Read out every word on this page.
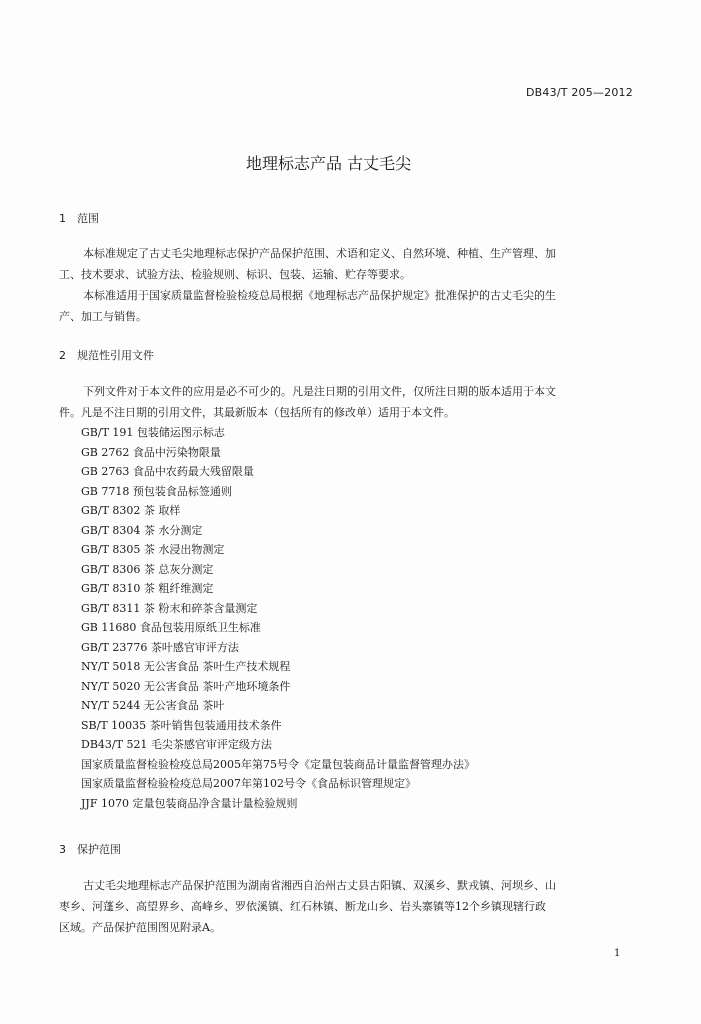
DB43/T 205—2012
地理标志产品 古丈毛尖
1 范围
本标准规定了古丈毛尖地理标志保护产品保护范围、术语和定义、自然环境、种植、生产管理、加
工、技术要求、试验方法、检验规则、标识、包装、运输、贮存等要求。
本标准适用于国家质量监督检验检疫总局根据《地理标志产品保护规定》批准保护的古丈毛尖的生
产、加工与销售。
2 规范性引用文件
下列文件对于本文件的应用是必不可少的。凡是注日期的引用文件，仅所注日期的版本适用于本文
件。凡是不注日期的引用文件，其最新版本（包括所有的修改单）适用于本文件。
GB/T 191 包装储运图示标志
GB 2762 食品中污染物限量
GB 2763 食品中农药最大残留限量
GB 7718 预包装食品标签通则
GB/T 8302 茶 取样
GB/T 8304 茶 水分测定
GB/T 8305 茶 水浸出物测定
GB/T 8306 茶 总灰分测定
GB/T 8310 茶 粗纤维测定
GB/T 8311 茶 粉末和碎茶含量测定
GB 11680 食品包装用原纸卫生标准
GB/T 23776 茶叶感官审评方法
NY/T 5018 无公害食品 茶叶生产技术规程
NY/T 5020 无公害食品 茶叶产地环境条件
NY/T 5244 无公害食品 茶叶
SB/T 10035 茶叶销售包装通用技术条件
DB43/T 521 毛尖茶感官审评定级方法
国家质量监督检验检疫总局2005年第75号令《定量包装商品计量监督管理办法》
国家质量监督检验检疫总局2007年第102号令《食品标识管理规定》
JJF 1070 定量包装商品净含量计量检验规则
3 保护范围
古丈毛尖地理标志产品保护范围为湖南省湘西自治州古丈县古阳镇、双溪乡、默戎镇、河坝乡、山
枣乡、河蓬乡、高望界乡、高峰乡、罗依溪镇、红石林镇、断龙山乡、岩头寨镇等12个乡镇现辖行政
区域。产品保护范围图见附录A。
1
